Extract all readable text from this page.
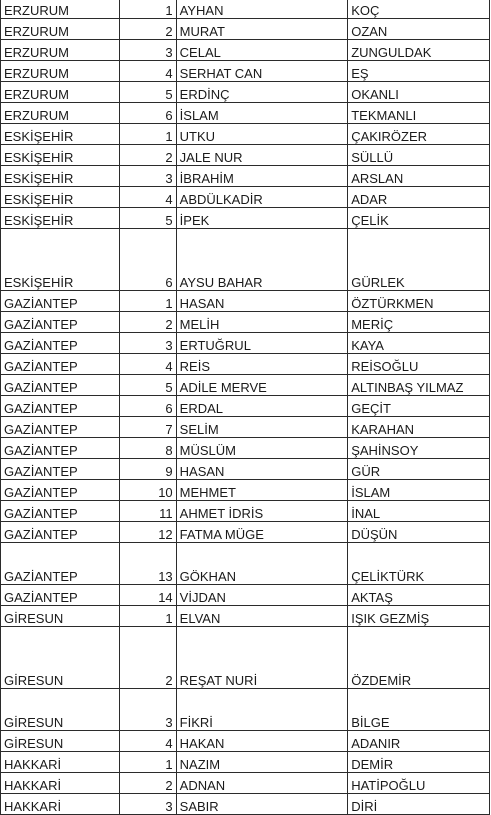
ERZURUM	1	AYHAN	KOÇ
ERZURUM	2	MURAT	OZAN
ERZURUM	3	CELAL	ZUNGULDAK
ERZURUM	4	SERHAT CAN	EŞ
ERZURUM	5	ERDİNÇ	OKANLI
ERZURUM	6	İSLAM	TEKMANLI
ESKİŞEHİR	1	UTKU	ÇAKIRÖZER
ESKİŞEHİR	2	JALE NUR	SÜLLÜ
ESKİŞEHİR	3	İBRAHİM	ARSLAN
ESKİŞEHİR	4	ABDÜLKADİR	ADAR
ESKİŞEHİR	5	İPEK	ÇELİK
ESKİŞEHİR	6	AYSU BAHAR	GÜRLEK
GAZİANTEP	1	HASAN	ÖZTÜRKMEN
GAZİANTEP	2	MELİH	MERİÇ
GAZİANTEP	3	ERTUĞRUL	KAYA
GAZİANTEP	4	REİS	REİSOĞLU
GAZİANTEP	5	ADİLE MERVE	ALTINBAŞ YILMAZ
GAZİANTEP	6	ERDAL	GEÇİT
GAZİANTEP	7	SELİM	KARAHAN
GAZİANTEP	8	MÜSLÜM	ŞAHİNSOY
GAZİANTEP	9	HASAN	GÜR
GAZİANTEP	10	MEHMET	İSLAM
GAZİANTEP	11	AHMET İDRİS	İNAL
GAZİANTEP	12	FATMA MÜGE	DÜŞÜN
GAZİANTEP	13	GÖKHAN	ÇELİKTÜRK
GAZİANTEP	14	VİJDAN	AKTAŞ
GİRESUN	1	ELVAN	IŞIK GEZMİŞ
GİRESUN	2	REŞAT NURİ	ÖZDEMİR
GİRESUN	3	FİKRİ	BİLGE
GİRESUN	4	HAKAN	ADANIR
HAKKARİ	1	NAZIM	DEMİR
HAKKARİ	2	ADNAN	HATİPOĞLU
HAKKARİ	3	SABIR	DİRİ
